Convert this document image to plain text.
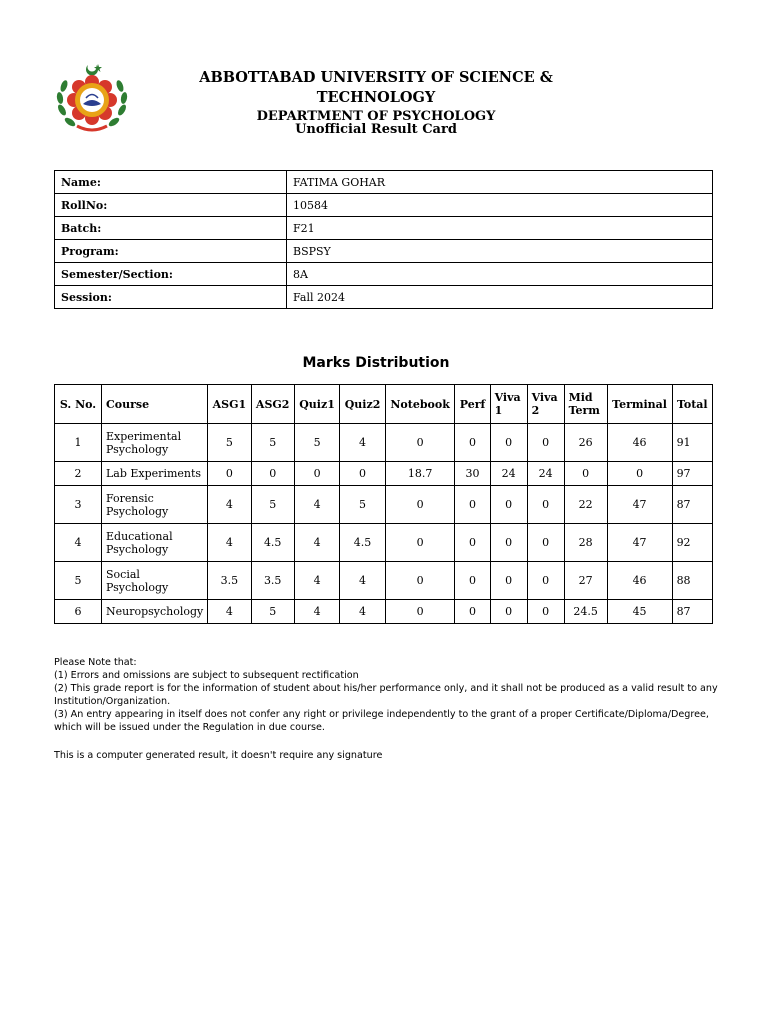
ABBOTTABAD UNIVERSITY OF SCIENCE & TECHNOLOGY
DEPARTMENT OF PSYCHOLOGY
Unofficial Result Card
Name:	FATIMA GOHAR
RollNo:	10584
Batch:	F21
Program:	BSPSY
Semester/Section:	8A
Session:	Fall 2024
Marks Distribution
S. No.	Course	ASG1	ASG2	Quiz1	Quiz2	Notebook	Perf	Viva 1	Viva 2	Mid Term	Terminal	Total
1	Experimental Psychology	5	5	5	4	0	0	0	0	26	46	91
2	Lab Experiments	0	0	0	0	18.7	30	24	24	0	0	97
3	Forensic Psychology	4	5	4	5	0	0	0	0	22	47	87
4	Educational Psychology	4	4.5	4	4.5	0	0	0	0	28	47	92
5	Social Psychology	3.5	3.5	4	4	0	0	0	0	27	46	88
6	Neuropsychology	4	5	4	4	0	0	0	0	24.5	45	87
Please Note that:
(1) Errors and omissions are subject to subsequent rectification
(2) This grade report is for the information of student about his/her performance only, and it shall not be produced as a valid result to any Institution/Organization.
(3) An entry appearing in itself does not confer any right or privilege independently to the grant of a proper Certificate/Diploma/Degree, which will be issued under the Regulation in due course.
This is a computer generated result, it doesn't require any signature
